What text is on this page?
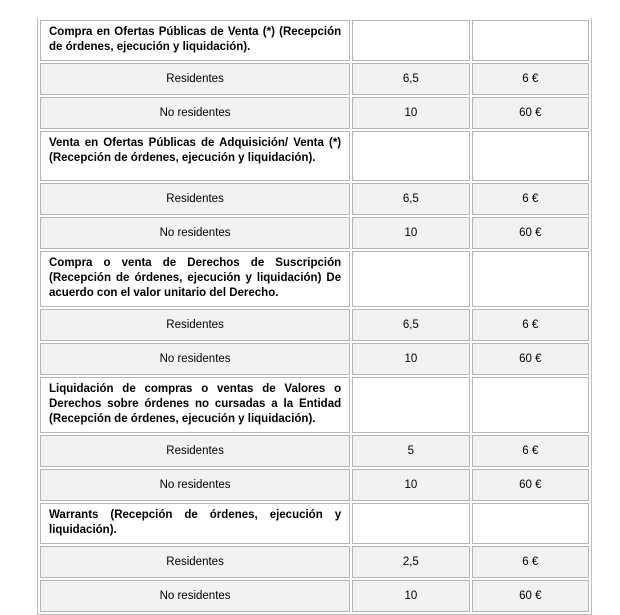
Compra en Ofertas Públicas de Venta (*) (Recepción de órdenes, ejecución y liquidación).		
Residentes	6,5	6 €
No residentes	10	60 €
Venta en Ofertas Públicas de Adquisición/ Venta (*) (Recepción de órdenes, ejecución y liquidación).		
Residentes	6,5	6 €
No residentes	10	60 €
Compra o venta de Derechos de Suscripción (Recepción de órdenes, ejecución y liquidación) De acuerdo con el valor unitario del Derecho.		
Residentes	6,5	6 €
No residentes	10	60 €
Liquidación de compras o ventas de Valores o Derechos sobre órdenes no cursadas a la Entidad (Recepción de órdenes, ejecución y liquidación).		
Residentes	5	6 €
No residentes	10	60 €
Warrants (Recepción de órdenes, ejecución y liquidación).		
Residentes	2,5	6 €
No residentes	10	60 €
